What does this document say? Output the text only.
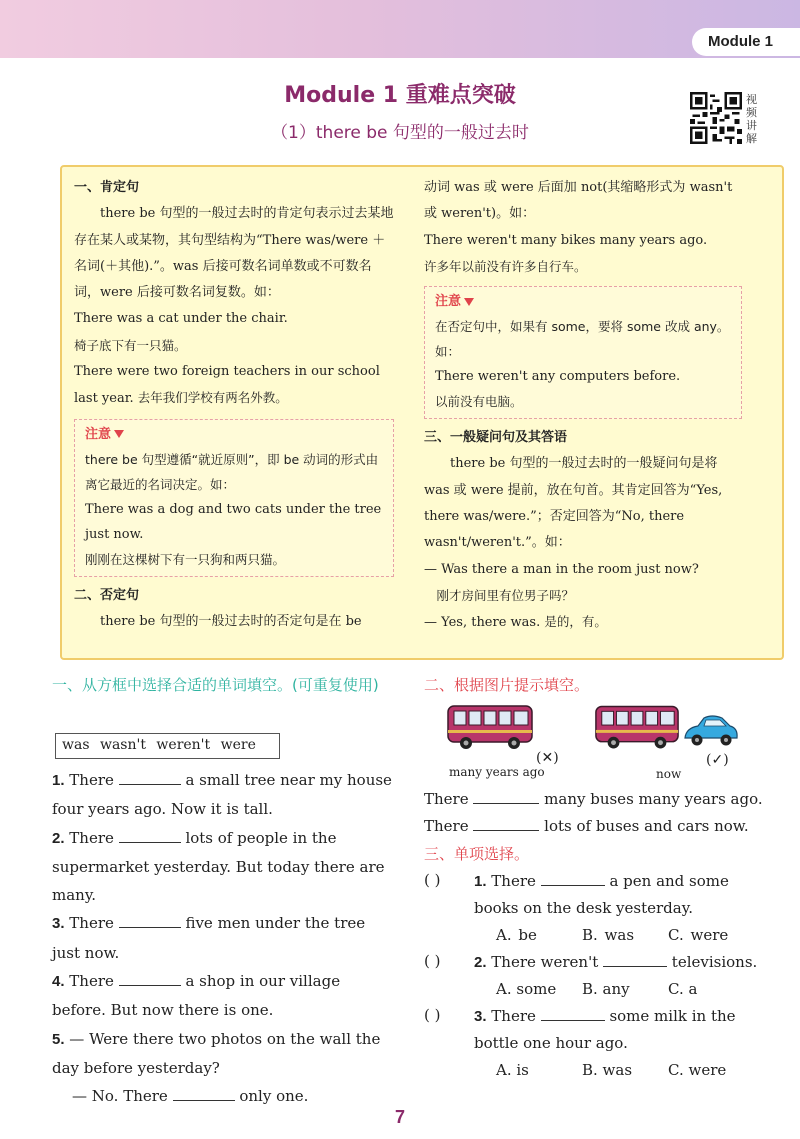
Module 1
Module 1 重难点突破
（1）there be 句型的一般过去时
视频讲解
一、肯定句
there be 句型的一般过去时的肯定句表示过去某地存在某人或某物，其句型结构为“There was/were ＋名词(＋其他).”。was 后接可数名词单数或不可数名词，were 后接可数名词复数。如：
There was a cat under the chair.
椅子底下有一只猫。
There were two foreign teachers in our school last year. 去年我们学校有两名外教。
注意
there be 句型遵循“就近原则”，即 be 动词的形式由离它最近的名词决定。如：
There was a dog and two cats under the tree just now.
刚刚在这棵树下有一只狗和两只猫。
二、否定句
there be 句型的一般过去时的否定句是在 be
动词 was 或 were 后面加 not(其缩略形式为 wasn't 或 weren't)。如：
There weren't many bikes many years ago.
许多年以前没有许多自行车。
注意
在否定句中，如果有 some，要将 some 改成 any。如：
There weren't any computers before.
以前没有电脑。
三、一般疑问句及其答语
there be 句型的一般过去时的一般疑问句是将 was 或 were 提前，放在句首。其肯定回答为“Yes, there was/were.”；否定回答为“No, there wasn't/weren't.”。如：
— Was there a man in the room just now?
刚才房间里有位男子吗？
— Yes, there was. 是的，有。
一、从方框中选择合适的单词填空。(可重复使用)
was wasn't weren't were
1. There	a small tree near my house four years ago. Now it is tall.
2. There	lots of people in the supermarket yesterday. But today there are many.
3. There	five men under the tree just now.
4. There	a shop in our village before. But now there is one.
5. — Were there two photos on the wall the day before yesterday?
— No. There	only one.
二、根据图片提示填空。
many years ago
(✕)
now
(✓)
There	many buses many years ago.
There	lots of buses and cars now.
三、单项选择。
( ) 1. There	a pen and some books on the desk yesterday.
A. be	B. was C. were
( ) 2. There weren't	televisions.
A. some B. any	C. a
( ) 3. There	some milk in the bottle one hour ago.
A. is	B. was C. were
7
